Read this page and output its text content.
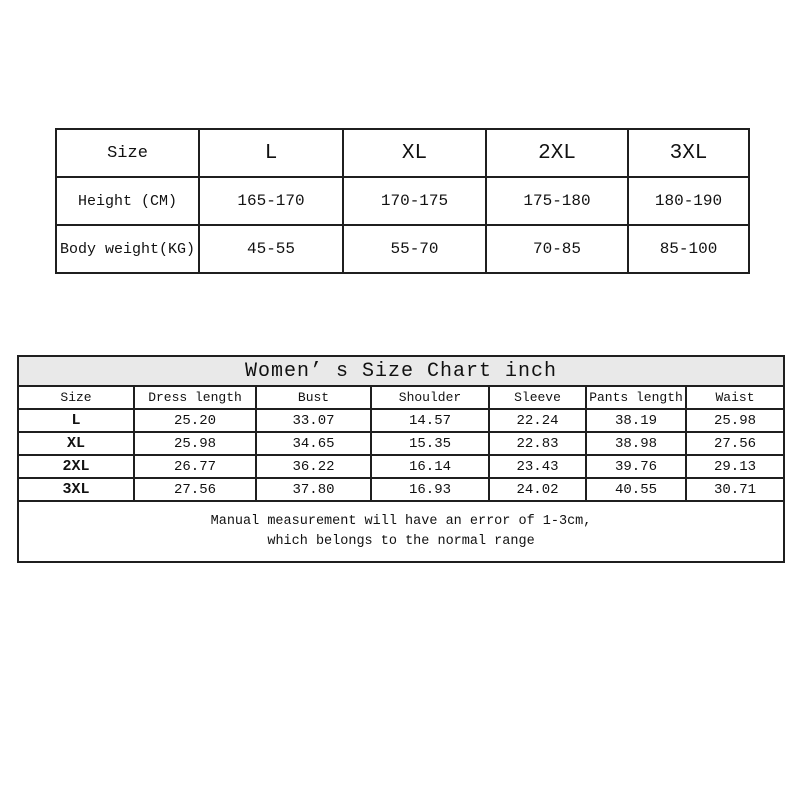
Size	L	XL	2XL	3XL
Height (CM)	165-170	170-175	175-180	180-190
Body weight(KG)	45-55	55-70	70-85	85-100
Women’ s Size Chart inch						
Size	Dress length	Bust	Shoulder	Sleeve	Pants length	Waist
L	25.20	33.07	14.57	22.24	38.19	25.98
XL	25.98	34.65	15.35	22.83	38.98	27.56
2XL	26.77	36.22	16.14	23.43	39.76	29.13
3XL	27.56	37.80	16.93	24.02	40.55	30.71

Manual measurement will have an error of 1-3cm,
which belongs to the normal range						
